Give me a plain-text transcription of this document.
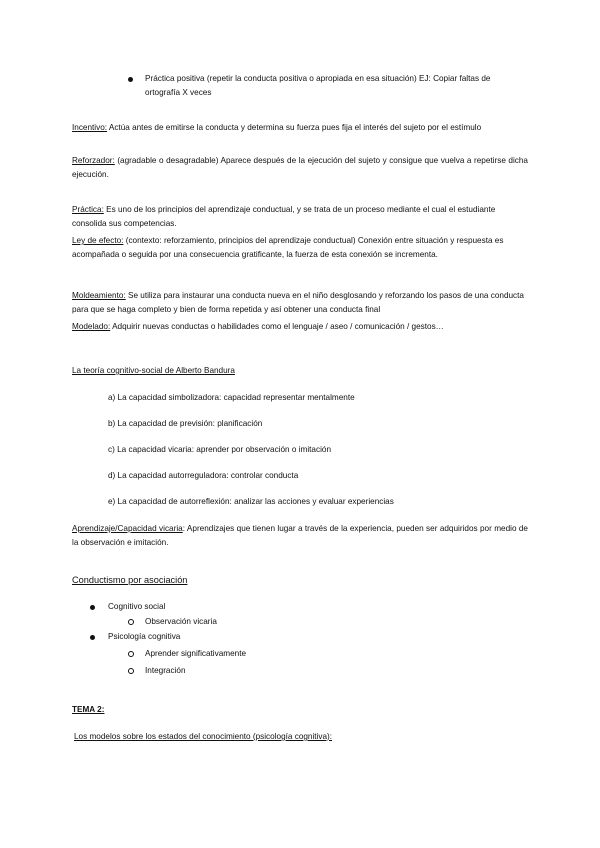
Práctica positiva (repetir la conducta positiva o apropiada en esa situación) EJ: Copiar faltas de ortografía X veces
Incentivo: Actúa antes de emitirse la conducta y determina su fuerza pues fija el interés del sujeto por el estímulo
Reforzador: (agradable o desagradable) Aparece después de la ejecución del sujeto y consigue que vuelva a repetirse dicha ejecución.
Práctica: Es uno de los principios del aprendizaje conductual, y se trata de un proceso mediante el cual el estudiante consolida sus competencias.
Ley de efecto: (contexto: reforzamiento, principios del aprendizaje conductual) Conexión entre situación y respuesta es acompañada o seguida por una consecuencia gratificante, la fuerza de esta conexión se incrementa.
Moldeamiento: Se utiliza para instaurar una conducta nueva en el niño desglosando y reforzando los pasos de una conducta para que se haga completo y bien de forma repetida y así obtener una conducta final
Modelado: Adquirir nuevas conductas o habilidades como el lenguaje / aseo / comunicación / gestos…
La teoría cognitivo-social de Alberto Bandura
a) La capacidad simbolizadora: capacidad representar mentalmente
b) La capacidad de previsión: planificación
c) La capacidad vicaria: aprender por observación o imitación
d) La capacidad autorreguladora: controlar conducta
e) La capacidad de autorreflexión: analizar las acciones y evaluar experiencias
Aprendizaje/Capacidad vicaria: Aprendizajes que tienen lugar a través de la experiencia, pueden ser adquiridos por medio de la observación e imitación.
Conductismo por asociación
Cognitivo social
Observación vicaria
Psicología cognitiva
Aprender significativamente
Integración
TEMA 2:
Los modelos sobre los estados del conocimiento (psicología cognitiva):
